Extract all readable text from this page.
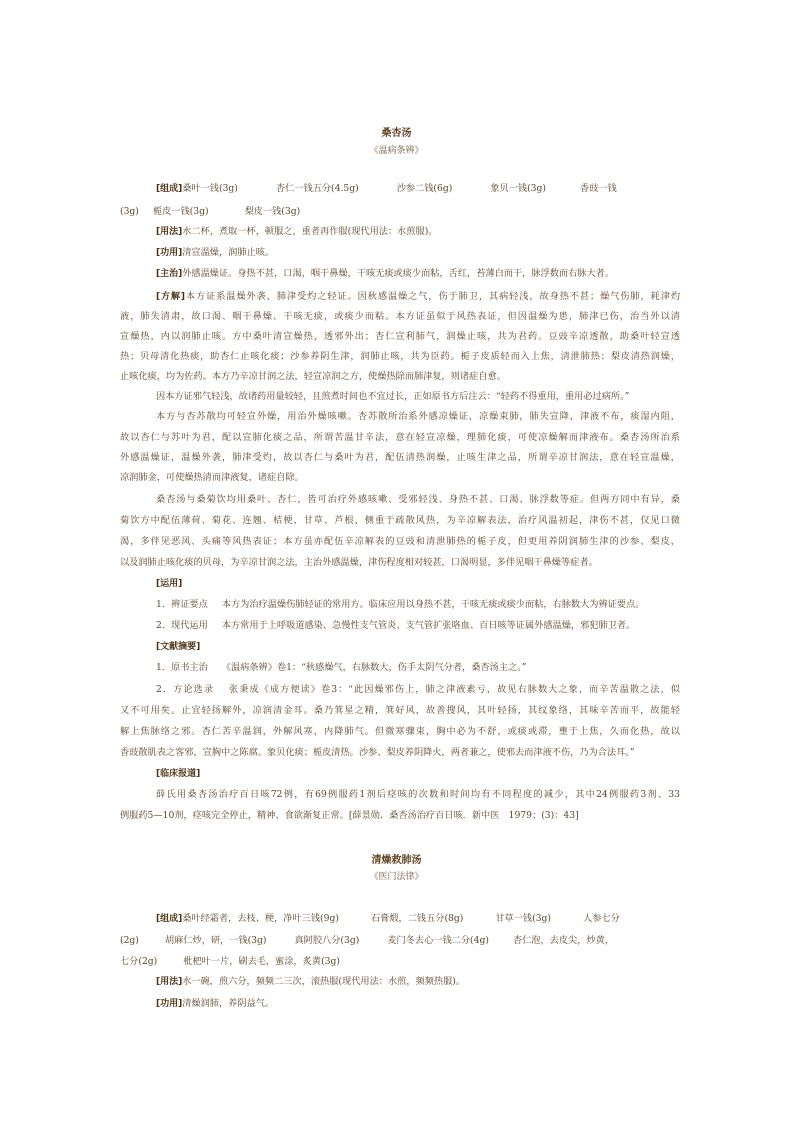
桑杏汤
《温病条辨》
[组成]桑叶一钱(3g)	杏仁一钱五分(4.5g)	沙参二钱(6g)	象贝一钱(3g)	香豉一钱
(3g) 栀皮一钱(3g)	梨皮一钱(3g)
[用法]水二杯，煮取一杯，顿服之，重者再作服(现代用法：水煎服)。
[功用]清宣温燥，润肺止咳。
[主治]外感温燥证。身热不甚，口渴，咽干鼻燥，干咳无痰或痰少而粘，舌红，苔薄白而干，脉浮数而右脉大者。
[方解]本方证系温燥外袭，肺津受灼之轻证。因秋感温燥之气，伤于肺卫，其病轻浅，故身热不甚；燥气伤肺，耗津灼
液，肺失清肃，故口渴、咽干鼻燥、干咳无痰，或痰少而粘。本方证虽似于风热表证，但因温燥为患，肺津已伤，治当外以清
宣燥热，内以润肺止咳。方中桑叶清宣燥热，透邪外出；杏仁宣利肺气，润燥止咳，共为君药。豆豉辛凉透散，助桑叶轻宣透
热；贝母清化热痰，助杏仁止咳化痰；沙参养阴生津，润肺止咳，共为臣药。栀子皮质轻而入上焦，清泄肺热；梨皮清热润燥，
止咳化痰，均为佐药。本方乃辛凉甘润之法，轻宣凉润之方，使燥热除而肺津复，则诸症自愈。
因本方证邪气轻浅，故诸药用量较轻，且煎煮时间也不宜过长，正如原书方后注云：“轻药不得重用，重用必过病所。”
本方与杏苏散均可轻宣外燥，用治外燥咳嗽。杏苏散所治系外感凉燥证，凉燥束肺，肺失宣降，津液不布，痰湿内阻，
故以杏仁与苏叶为君，配以宣肺化痰之品，所谓苦温甘辛法，意在轻宣凉燥，理肺化痰，可使凉燥解而津液布。桑杏汤所治系
外感温燥证，温燥外袭，肺津受灼，故以杏仁与桑叶为君，配伍清热润燥，止咳生津之品，所谓辛凉甘润法，意在轻宣温燥，
凉润肺金，可使燥热清而津液复，诸症自除。
桑杏汤与桑菊饮均用桑叶、杏仁，皆可治疗外感咳嗽、受邪轻浅、身热不甚、口渴、脉浮数等症。但两方同中有异，桑
菊饮方中配伍薄荷、菊花、连翘、桔梗、甘草、芦根，侧重于疏散风热，为辛凉解表法，治疗风温初起，津伤不甚，仅见口微
渴，多伴见恶风、头痛等风热表证；本方虽亦配伍辛凉解表的豆豉和清泄肺热的栀子皮，但更用养阴润肺生津的沙参、梨皮，
以及润肺止咳化痰的贝母，为辛凉甘润之法，主治外感温燥，津伤程度相对较甚，口渴明显，多伴见咽干鼻燥等症者。
[运用]
1．辨证要点 本方为治疗温燥伤肺轻证的常用方。临床应用以身热不甚，干咳无痰或痰少而粘，右脉数大为辨证要点。
2．现代运用 本方常用于上呼吸道感染、急慢性支气管炎、支气管扩张咯血、百日咳等证属外感温燥，邪犯肺卫者。
[文献摘要]
1．原书主治 《温病条辨》卷1：“秋感燥气，右脉数大，伤手太阴气分者，桑杏汤主之。”
2．方论选录 张秉成《成方便读》卷3：“此因燥邪伤上，肺之津液素亏，故见右脉数大之象，而辛苦温散之法，似
又不可用矣。止宜轻扬解外，凉润清金耳。桑乃箕星之精，箕好风，故善搜风，其叶轻扬，其纹象络，其味辛苦而平，故能轻
解上焦脉络之邪。杏仁苦辛温润，外解风寒，内降肺气。但微寒骤束，胸中必为不舒，或痰或滞，壅于上焦，久而化热，故以
香豉散肌表之客邪，宣胸中之陈腐。象贝化痰；栀皮清热。沙参、梨皮养阴降火，两者兼之，使邪去而津液不伤，乃为合法耳。”
[临床报道]
薛氏用桑杏汤治疗百日咳72例，有69例服药1剂后痉咳的次数和时间均有不同程度的减少，其中24例服药3剂、33
例服药5—10剂，痉咳完全停止，精神、食欲渐复正常。[薛景勋．桑杏汤治疗百日咳．新中医　1979；(3)：43]
清燥救肺汤
《医门法律》
[组成]桑叶经霜者，去枝、梗，净叶三钱(9g)	石膏煅，二钱五分(8g)	甘草一钱(3g)	人参七分
(2g)	胡麻仁炒，研，一钱(3g)	真阿胶八分(3g)	麦门冬去心一钱二分(4g)	杏仁泡，去皮尖，炒黄，
七分(2g)	枇杷叶一片，刷去毛，蜜涂，炙黄(3g)
[用法]水一碗，煎六分，频频二三次，滚热服(现代用法：水煎，频频热服)。
[功用]清燥润肺，养阴益气。
